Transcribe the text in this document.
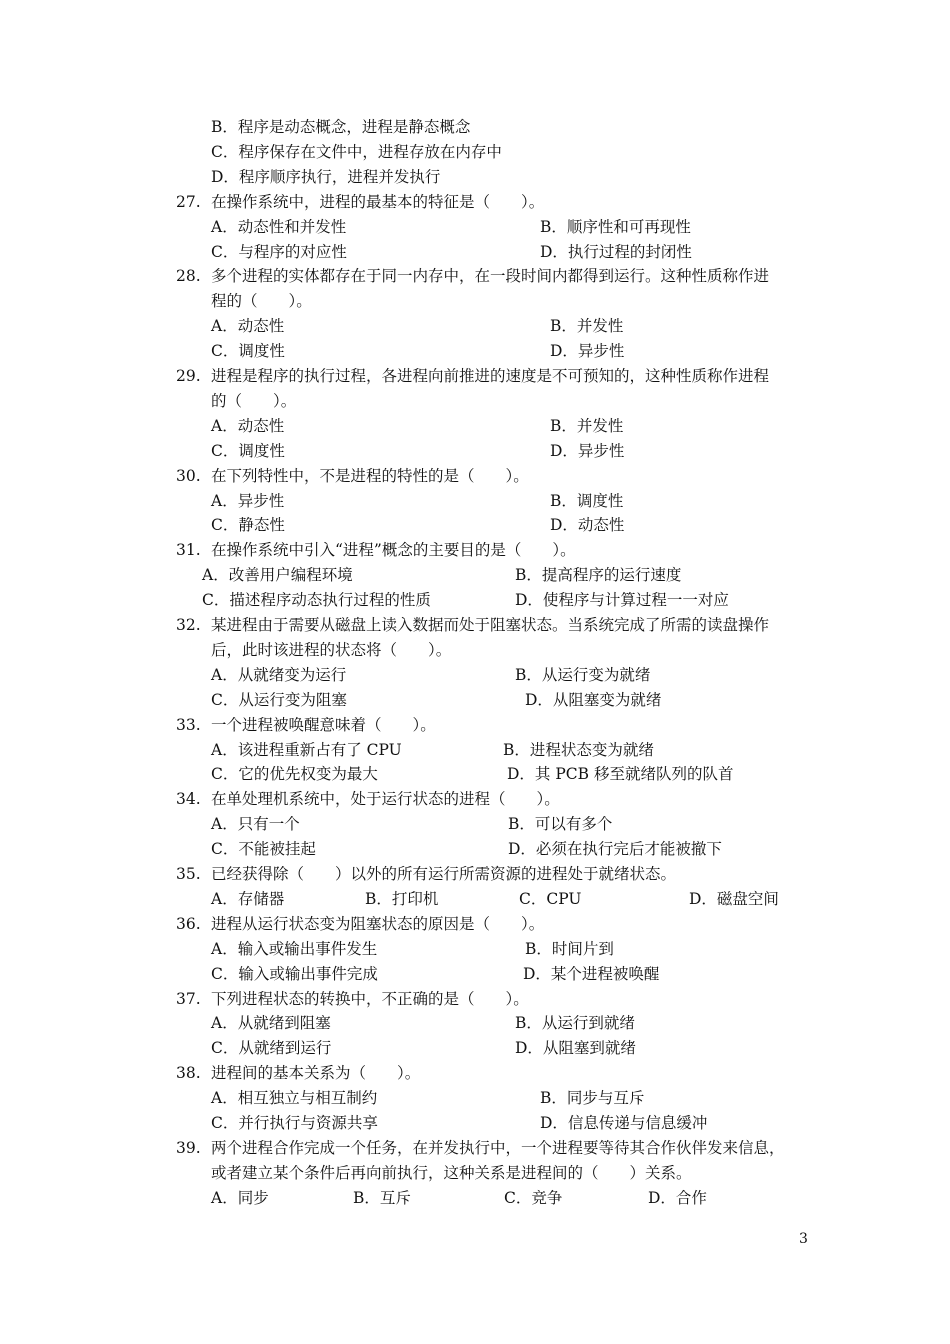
B．程序是动态概念，进程是静态概念
C．程序保存在文件中，进程存放在内存中
D．程序顺序执行，进程并发执行
27. 在操作系统中，进程的最基本的特征是（　　）。
A．动态性和并发性	B．顺序性和可再现性
C．与程序的对应性	D．执行过程的封闭性
28. 多个进程的实体都存在于同一内存中，在一段时间内都得到运行。这种性质称作进
程的（　　）。
A．动态性	B．并发性
C．调度性	D．异步性
29. 进程是程序的执行过程，各进程向前推进的速度是不可预知的，这种性质称作进程
的（　　）。
A．动态性	B．并发性
C．调度性	D．异步性
30. 在下列特性中，不是进程的特性的是（　　）。
A．异步性	B．调度性
C．静态性	D．动态性
31. 在操作系统中引入“进程”概念的主要目的是（　　）。
A．改善用户编程环境	B．提高程序的运行速度
C．描述程序动态执行过程的性质	D．使程序与计算过程一一对应
32. 某进程由于需要从磁盘上读入数据而处于阻塞状态。当系统完成了所需的读盘操作
后，此时该进程的状态将（　　）。
A．从就绪变为运行	B．从运行变为就绪
C．从运行变为阻塞	D．从阻塞变为就绪
33. 一个进程被唤醒意味着（　　）。
A．该进程重新占有了 CPU	B．进程状态变为就绪
C．它的优先权变为最大	D．其 PCB 移至就绪队列的队首
34. 在单处理机系统中，处于运行状态的进程（　　）。
A．只有一个	B．可以有多个
C．不能被挂起	D．必须在执行完后才能被撤下
35. 已经获得除（　　）以外的所有运行所需资源的进程处于就绪状态。
A．存储器	B．打印机	C．CPU	D．磁盘空间
36. 进程从运行状态变为阻塞状态的原因是（　　）。
A．输入或输出事件发生	B．时间片到
C．输入或输出事件完成	D．某个进程被唤醒
37. 下列进程状态的转换中，不正确的是（　　）。
A．从就绪到阻塞	B．从运行到就绪
C．从就绪到运行	D．从阻塞到就绪
38. 进程间的基本关系为（　　）。
A．相互独立与相互制约	B．同步与互斥
C．并行执行与资源共享	D．信息传递与信息缓冲
39. 两个进程合作完成一个任务，在并发执行中，一个进程要等待其合作伙伴发来信息，
或者建立某个条件后再向前执行，这种关系是进程间的（　　）关系。
A．同步	B．互斥	C．竞争	D．合作
3
